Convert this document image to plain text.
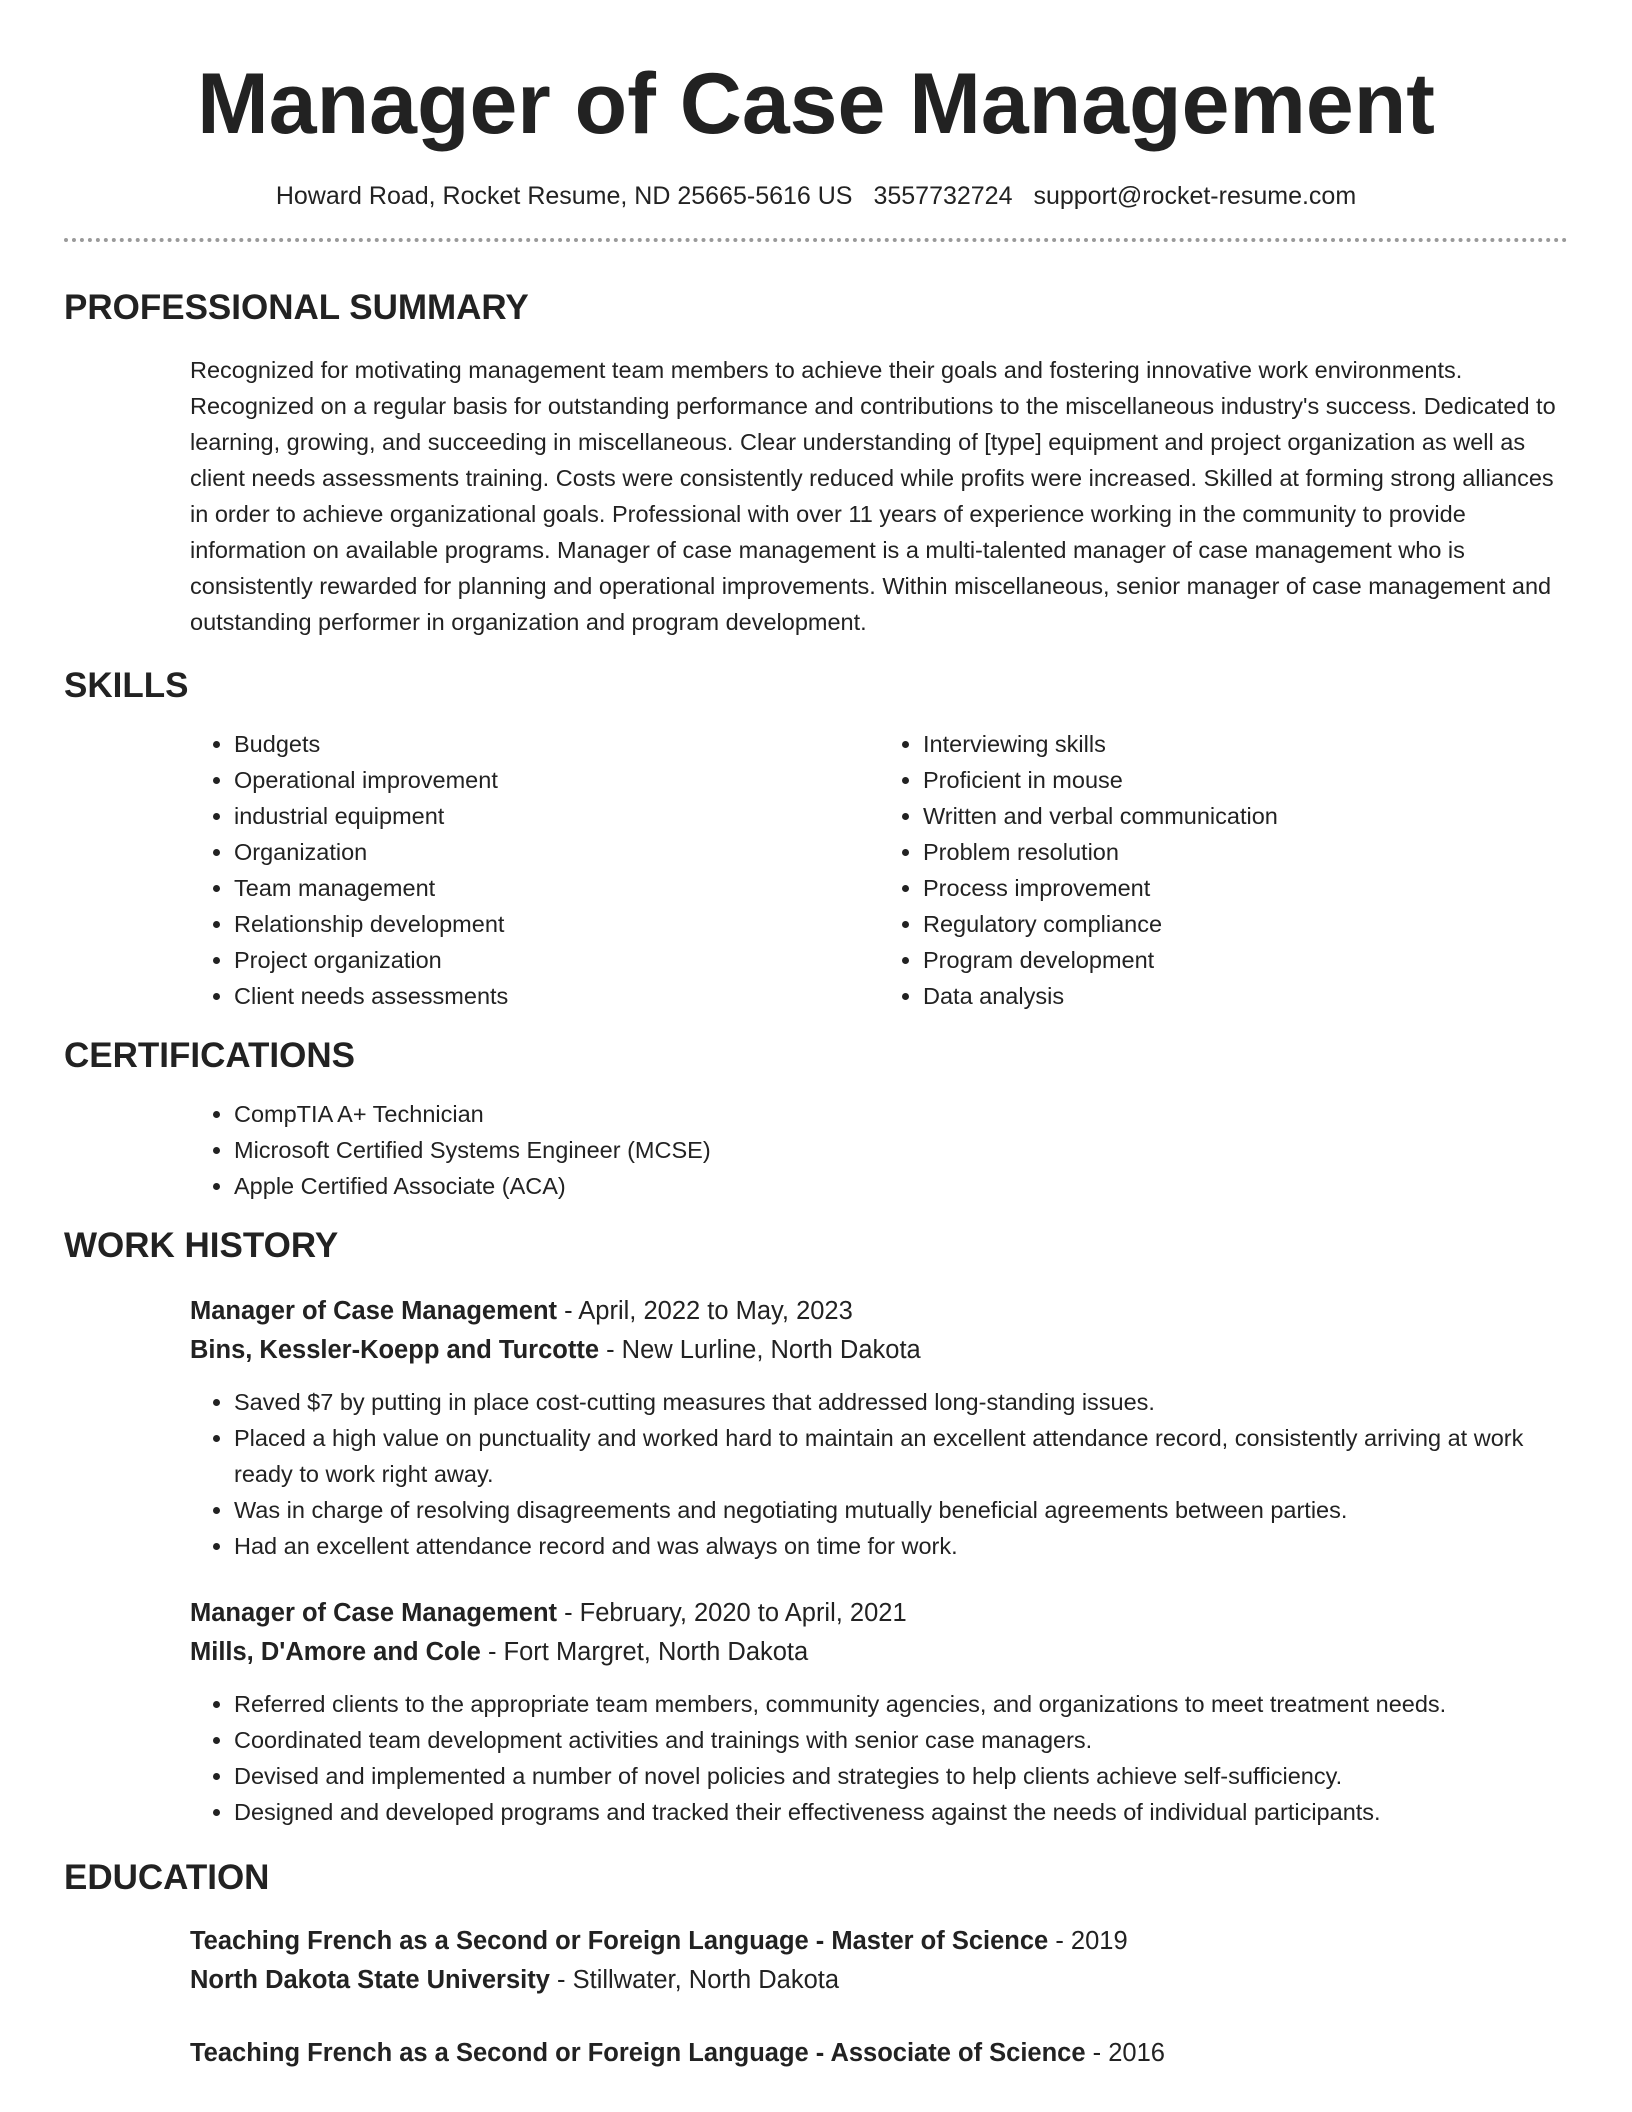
Manager of Case Management
Howard Road, Rocket Resume, ND 25665-5616 US 3557732724 support@rocket-resume.com
PROFESSIONAL SUMMARY

Recognized for motivating management team members to achieve their goals and fostering innovative work environments. Recognized on a regular basis for outstanding performance and contributions to the miscellaneous industry's success. Dedicated to learning, growing, and succeeding in miscellaneous. Clear understanding of [type] equipment and project organization as well as client needs assessments training. Costs were consistently reduced while profits were increased. Skilled at forming strong alliances in order to achieve organizational goals. Professional with over 11 years of experience working in the community to provide information on available programs. Manager of case management is a multi-talented manager of case management who is consistently rewarded for planning and operational improvements. Within miscellaneous, senior manager of case management and outstanding performer in organization and program development.

SKILLS
• Budgets
• Operational improvement
• industrial equipment
• Organization
• Team management
• Relationship development
• Project organization
• Client needs assessments
• Interviewing skills
• Proficient in mouse
• Written and verbal communication
• Problem resolution
• Process improvement
• Regulatory compliance
• Program development
• Data analysis
CERTIFICATIONS
• CompTIA A+ Technician
• Microsoft Certified Systems Engineer (MCSE)
• Apple Certified Associate (ACA)
WORK HISTORY
Manager of Case Management - April, 2022 to May, 2023
Bins, Kessler-Koepp and Turcotte - New Lurline, North Dakota
• Saved $7 by putting in place cost-cutting measures that addressed long-standing issues.
• Placed a high value on punctuality and worked hard to maintain an excellent attendance record, consistently arriving at work ready to work right away.
• Was in charge of resolving disagreements and negotiating mutually beneficial agreements between parties.
• Had an excellent attendance record and was always on time for work.
Manager of Case Management - February, 2020 to April, 2021
Mills, D'Amore and Cole - Fort Margret, North Dakota
• Referred clients to the appropriate team members, community agencies, and organizations to meet treatment needs.
• Coordinated team development activities and trainings with senior case managers.
• Devised and implemented a number of novel policies and strategies to help clients achieve self-sufficiency.
• Designed and developed programs and tracked their effectiveness against the needs of individual participants.
EDUCATION
Teaching French as a Second or Foreign Language - Master of Science - 2019
North Dakota State University - Stillwater, North Dakota
Teaching French as a Second or Foreign Language - Associate of Science - 2016
